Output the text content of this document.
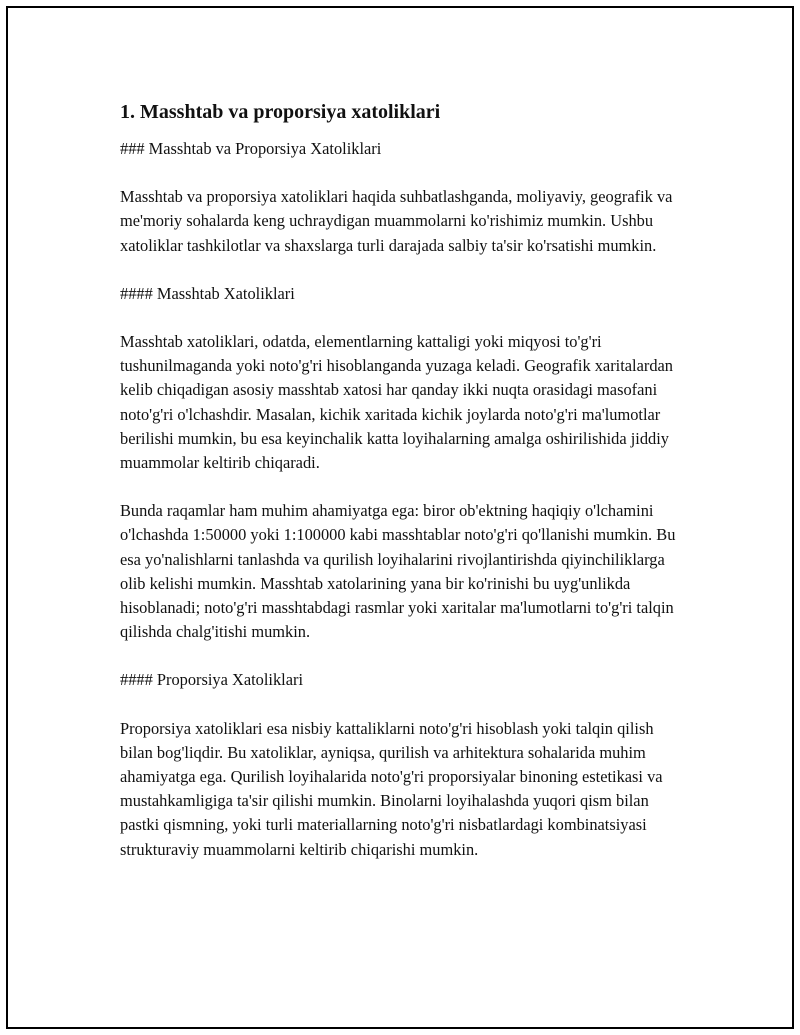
1. Masshtab va proporsiya xatoliklari

### Masshtab va Proporsiya Xatoliklari

Masshtab va proporsiya xatoliklari haqida suhbatlashganda, moliyaviy, geografik va me'moriy sohalarda keng uchraydigan muammolarni ko'rishimiz mumkin. Ushbu xatoliklar tashkilotlar va shaxslarga turli darajada salbiy ta'sir ko'rsatishi mumkin.

#### Masshtab Xatoliklari

Masshtab xatoliklari, odatda, elementlarning kattaligi yoki miqyosi to'g'ri tushunilmaganda yoki noto'g'ri hisoblanganda yuzaga keladi. Geografik xaritalardan kelib chiqadigan asosiy masshtab xatosi har qanday ikki nuqta orasidagi masofani noto'g'ri o'lchashdir. Masalan, kichik xaritada kichik joylarda noto'g'ri ma'lumotlar berilishi mumkin, bu esa keyinchalik katta loyihalarning amalga oshirilishida jiddiy muammolar keltirib chiqaradi.

Bunda raqamlar ham muhim ahamiyatga ega: biror ob'ektning haqiqiy o'lchamini o'lchashda 1:50000 yoki 1:100000 kabi masshtablar noto'g'ri qo'llanishi mumkin. Bu esa yo'nalishlarni tanlashda va qurilish loyihalarini rivojlantirishda qiyinchiliklarga olib kelishi mumkin. Masshtab xatolarining yana bir ko'rinishi bu uyg'unlikda hisoblanadi; noto'g'ri masshtabdagi rasmlar yoki xaritalar ma'lumotlarni to'g'ri talqin qilishda chalg'itishi mumkin.

#### Proporsiya Xatoliklari

Proporsiya xatoliklari esa nisbiy kattaliklarni noto'g'ri hisoblash yoki talqin qilish bilan bog'liqdir. Bu xatoliklar, ayniqsa, qurilish va arhitektura sohalarida muhim ahamiyatga ega. Qurilish loyihalarida noto'g'ri proporsiyalar binoning estetikasi va mustahkamligiga ta'sir qilishi mumkin. Binolarni loyihalashda yuqori qism bilan pastki qismning, yoki turli materiallarning noto'g'ri nisbatlardagi kombinatsiyasi strukturaviy muammolarni keltirib chiqarishi mumkin.
